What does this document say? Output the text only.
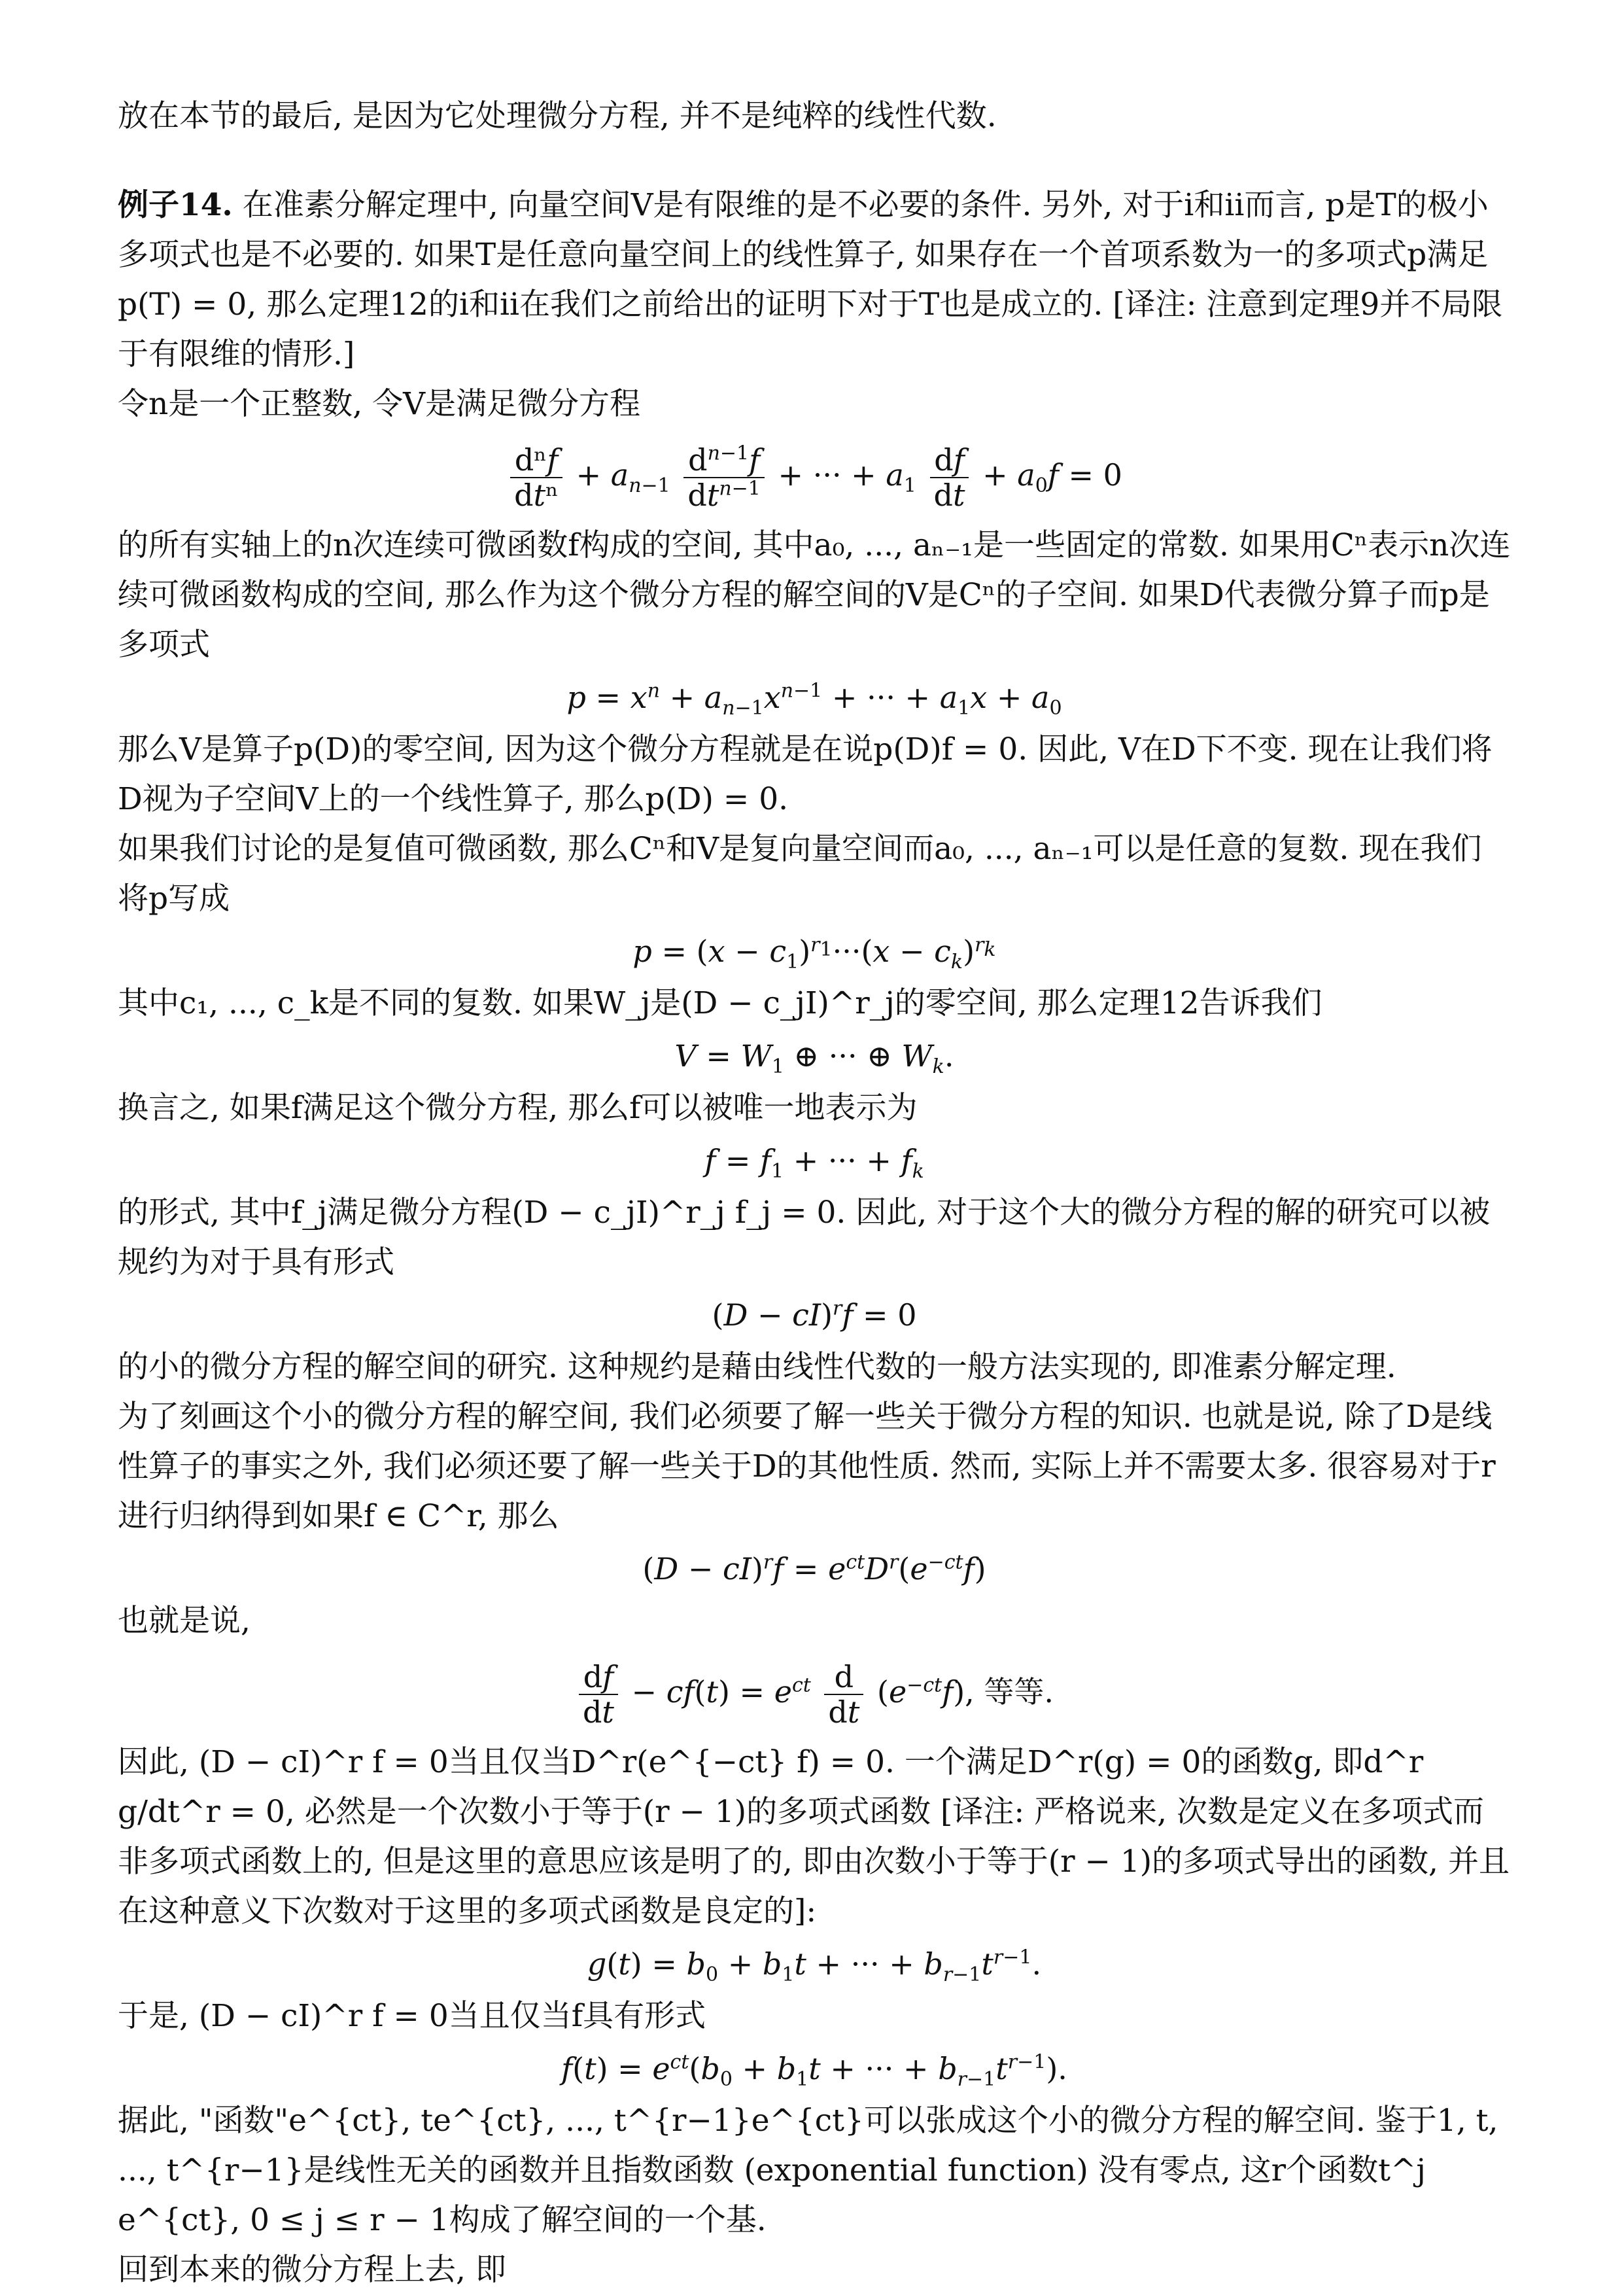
放在本节的最后, 是因为它处理微分方程, 并不是纯粹的线性代数.

例子14. 在准素分解定理中, 向量空间V是有限维的是不必要的条件. 另外, 对于i和ii而言, p是T的极小多项式也是不必要的. 如果T是任意向量空间上的线性算子, 如果存在一个首项系数为一的多项式p满足p(T) = 0, 那么定理12的i和ii在我们之前给出的证明下对于T也是成立的. [译注: 注意到定理9并不局限于有限维的情形.]

令n是一个正整数, 令V是满足微分方程

$\frac{\text{dⁿf}}{\text{dtⁿ}} + a_{n-1} \frac{d^{n-1}f}{dt^{n-1}}$ + ··· + $a_1 \frac{df}{dt} + a_0f = 0$

的所有实轴上的n次连续可微函数f构成的空间, 其中a₀, ..., aₙ₋₁是一些固定的常数. 如果用Cⁿ表示n次连续可微函数构成的空间, 那么作为这个微分方程的解空间的V是Cⁿ的子空间. 如果D代表微分算子而p是多项式

$p = x^n + a_{n-1}x^{n-1}$ + ··· + $a_1x + a_0$

那么V是算子p(D)的零空间, 因为这个微分方程就是在说p(D)f = 0. 因此, V在D下不变. 现在让我们将D视为子空间V上的一个线性算子, 那么p(D) = 0.

如果我们讨论的是复值可微函数, 那么Cⁿ和V是复向量空间而a₀, ..., aₙ₋₁可以是任意的复数. 现在我们将p写成

$p = (x - c_1)^{r_1}\cdot\cdot\cdot(x - c_k)^{r_k}$

其中c₁, ..., c_k是不同的复数. 如果W_j是(D − c_jI)^r_j的零空间, 那么定理12告诉我们

$V = W_1$ ⊕ ··· ⊕ $W_k$.

换言之, 如果f满足这个微分方程, 那么f可以被唯一地表示为

$f = f_1$ + ··· + $f_k$

的形式, 其中f_j满足微分方程(D − c_jI)^r_j f_j = 0. 因此, 对于这个大的微分方程的解的研究可以被规约为对于具有形式

(D − cI)$^r$f = 0

的小的微分方程的解空间的研究. 这种规约是藉由线性代数的一般方法实现的, 即准素分解定理.

为了刻画这个小的微分方程的解空间, 我们必须要了解一些关于微分方程的知识. 也就是说, 除了D是线性算子的事实之外, 我们必须还要了解一些关于D的其他性质. 然而, 实际上并不需要太多. 很容易对于r进行归纳得到如果f ∈ C^r, 那么

$(D - cI)^rf = e^{ct}D^r(e^{-ct}f)$

也就是说,

$\frac{df}{dt} - cf(t) = e^{ct} \frac{d}{dt} (e^{-ct}f)$, 等等.

因此, (D − cI)^r f = 0当且仅当D^r(e^{−ct} f) = 0. 一个满足D^r(g) = 0的函数g, 即d^r g/dt^r = 0, 必然是一个次数小于等于(r − 1)的多项式函数 [译注: 严格说来, 次数是定义在多项式而非多项式函数上的, 但是这里的意思应该是明了的, 即由次数小于等于(r − 1)的多项式导出的函数, 并且在这种意义下次数对于这里的多项式函数是良定的]:

$g(t) = b_0 + b_1t$ + ··· + $b_{r-1}t^{r-1}$.

于是, (D − cI)^r f = 0当且仅当f具有形式

$f(t) = e^{ct}(b_0 + b_1t$ + ··· + $b_{r-1}t^{r-1}$).

据此, "函数"e^{ct}, te^{ct}, ..., t^{r−1}e^{ct}可以张成这个小的微分方程的解空间. 鉴于1, t, ..., t^{r−1}是线性无关的函数并且指数函数 (exponential function) 没有零点, 这r个函数t^j e^{ct}, 0 ≤ j ≤ r − 1构成了解空间的一个基.

回到本来的微分方程上去, 即
